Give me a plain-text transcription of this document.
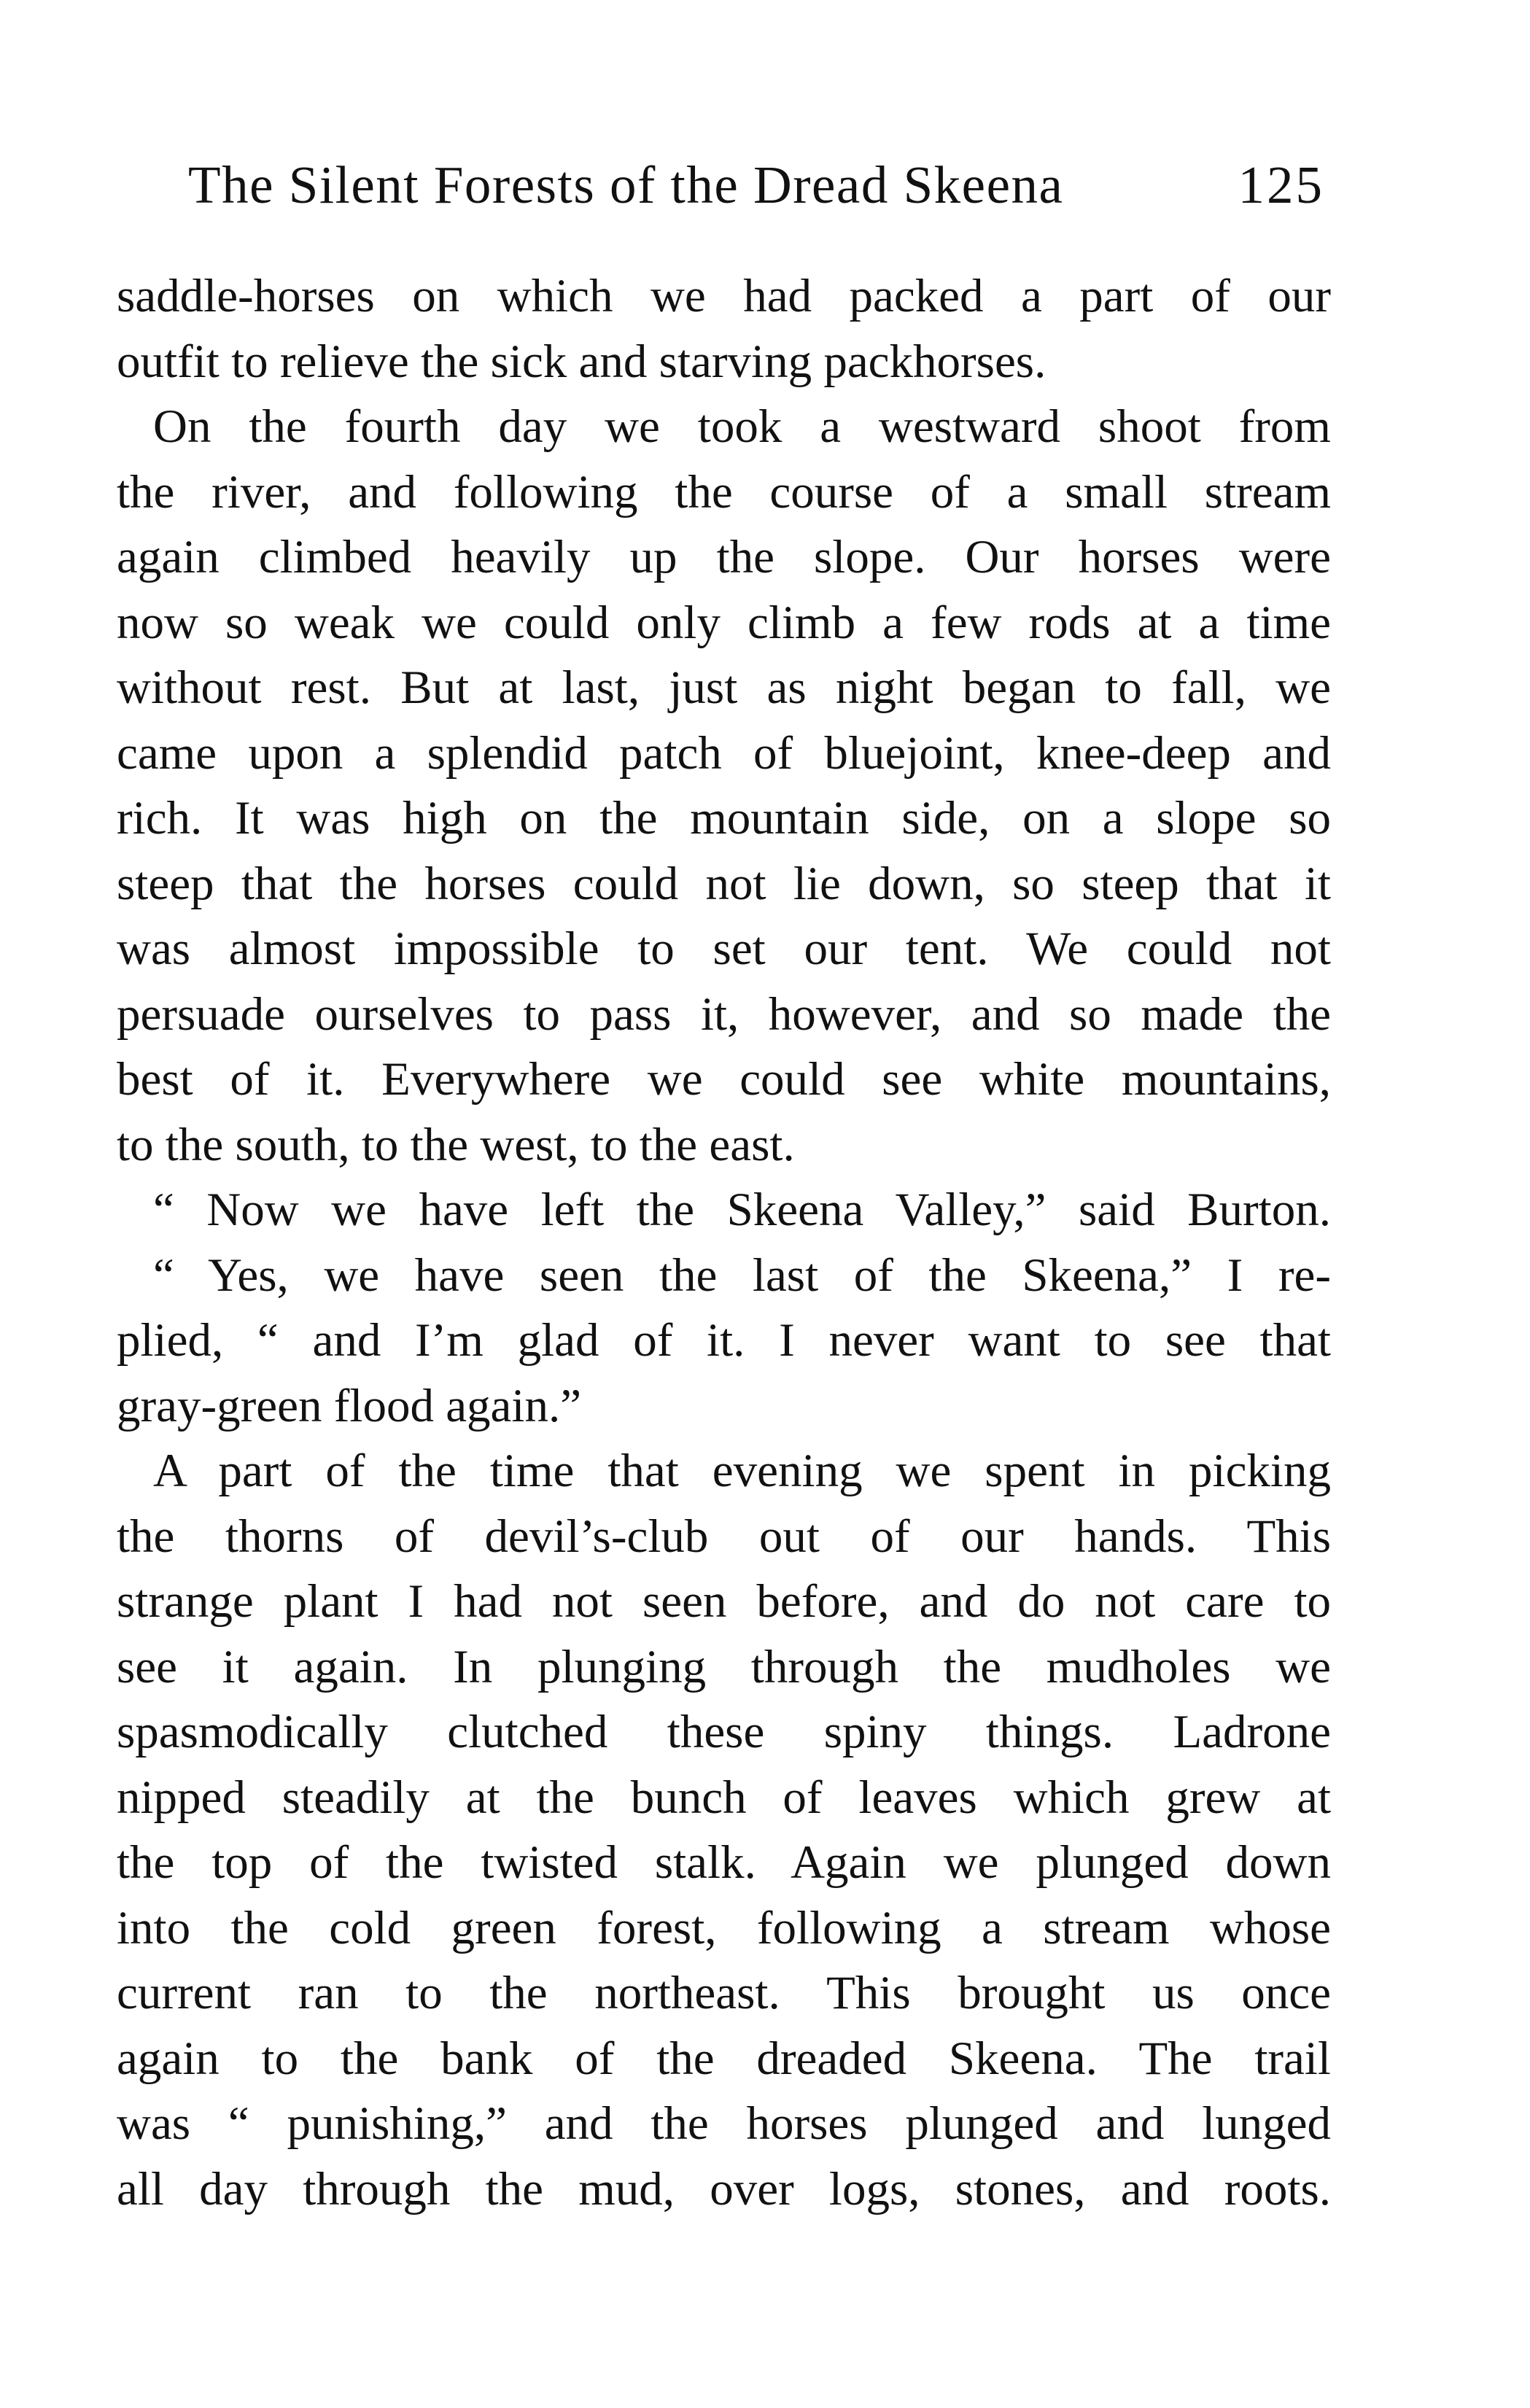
The Silent Forests of the Dread Skeena	125
saddle-horses on which we had packed a part of our
outfit to relieve the sick and starving packhorses.
On the fourth day we took a westward shoot from
the river, and following the course of a small stream
again climbed heavily up the slope. Our horses were
now so weak we could only climb a few rods at a time
without rest. But at last, just as night began to fall, we
came upon a splendid patch of bluejoint, knee-deep and
rich. It was high on the mountain side, on a slope so
steep that the horses could not lie down, so steep that it
was almost impossible to set our tent. We could not
persuade ourselves to pass it, however, and so made the
best of it. Everywhere we could see white mountains,
to the south, to the west, to the east.
“ Now we have left the Skeena Valley,” said Burton.
“ Yes, we have seen the last of the Skeena,” I re-
plied, “ and I’m glad of it. I never want to see that
gray-green flood again.”
A part of the time that evening we spent in picking
the thorns of devil’s-club out of our hands. This
strange plant I had not seen before, and do not care to
see it again. In plunging through the mudholes we
spasmodically clutched these spiny things. Ladrone
nipped steadily at the bunch of leaves which grew at
the top of the twisted stalk. Again we plunged down
into the cold green forest, following a stream whose
current ran to the northeast. This brought us once
again to the bank of the dreaded Skeena. The trail
was “ punishing,” and the horses plunged and lunged
all day through the mud, over logs, stones, and roots.
